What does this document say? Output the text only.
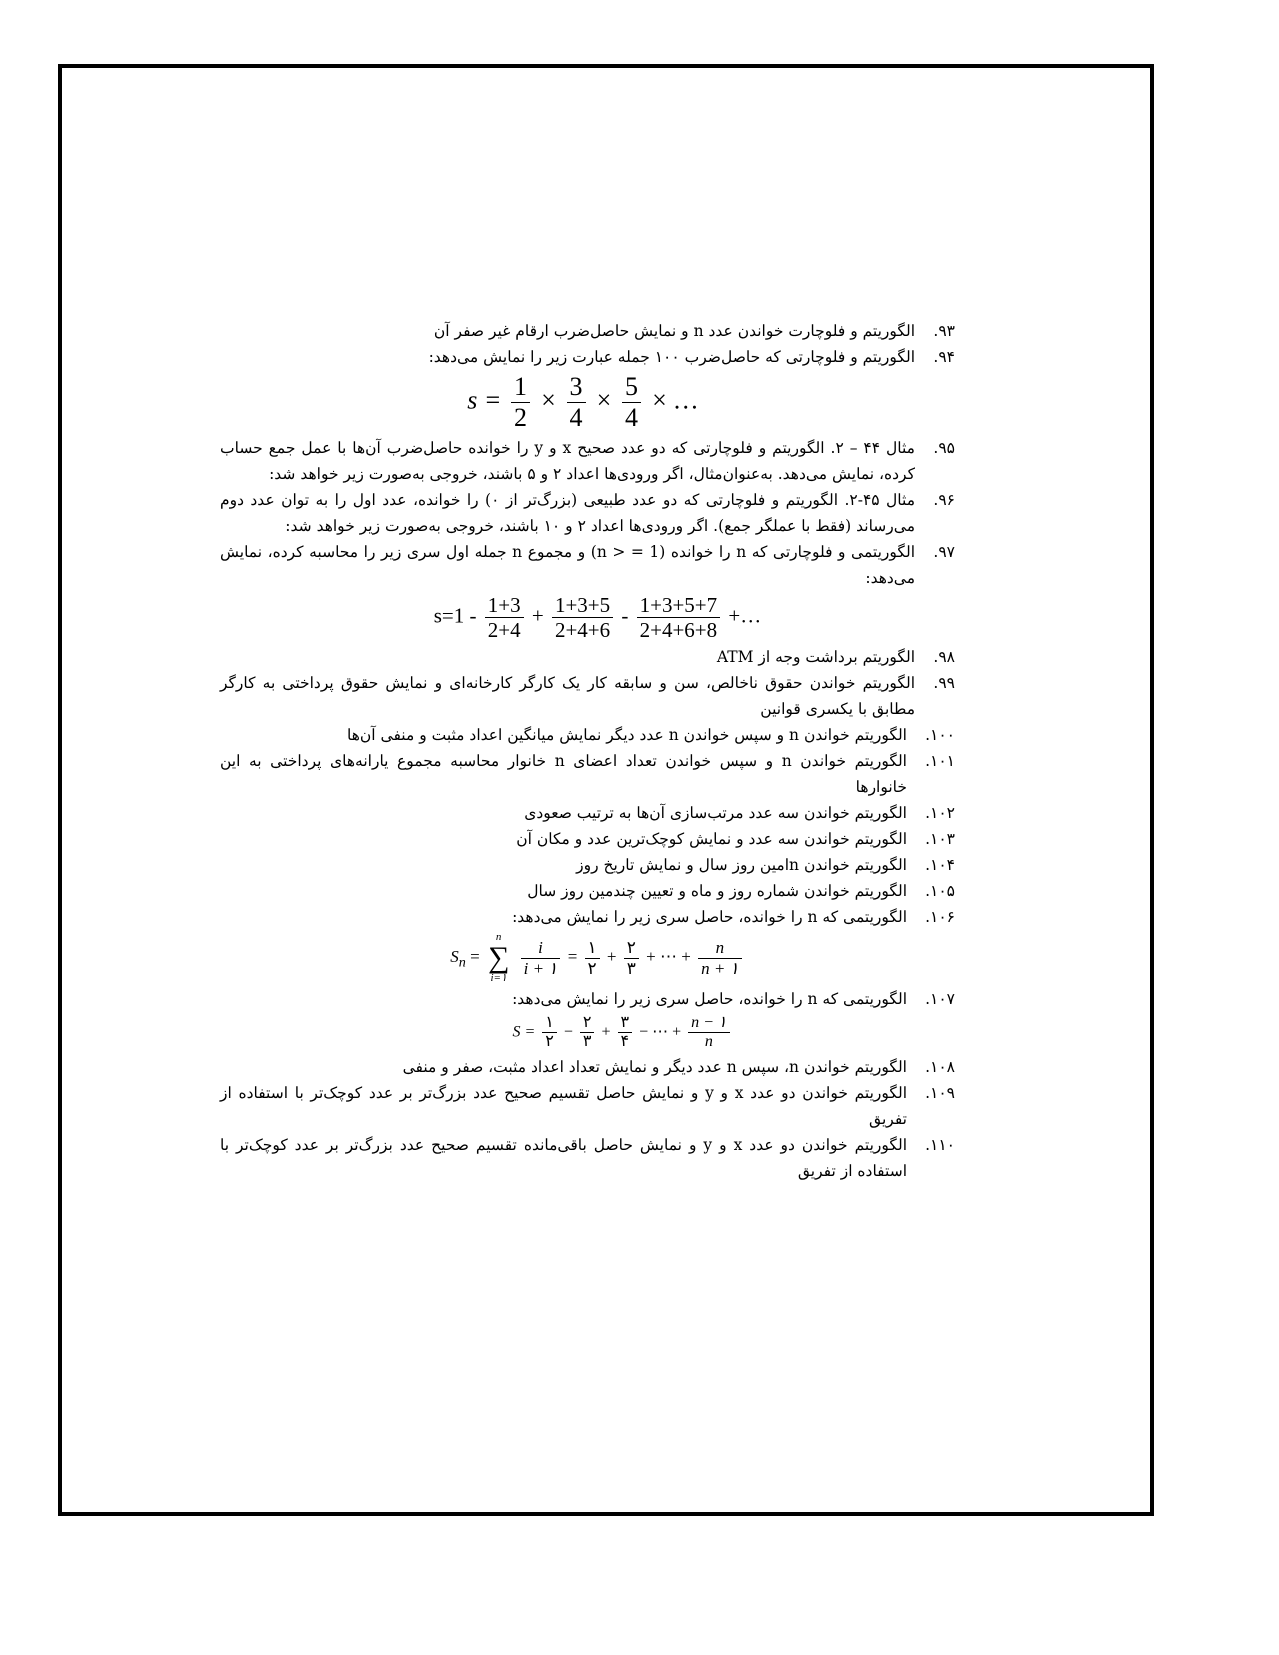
۹۳.
الگوریتم و فلوچارت خواندن عدد n و نمایش حاصل‌ضرب ارقام غیر صفر آن
۹۴.
الگوریتم و فلوچارتی که حاصل‌ضرب ۱۰۰ جمله عبارت زیر را نمایش می‌دهد:
$s = \frac{1}{2} \times \frac{3}{4} \times \frac{5}{4}$ × …
۹۵.
مثال ۴۴ – ۲. الگوریتم و فلوچارتی که دو عدد صحیح x و y را خوانده حاصل‌ضرب آن‌ها با عمل جمع حساب کرده، نمایش می‌دهد. به‌عنوان‌مثال، اگر ورودی‌ها اعداد ۲ و ۵ باشند، خروجی به‌صورت زیر خواهد شد:
۹۶.
مثال ۴۵-۲. الگوریتم و فلوچارتی که دو عدد طبیعی (بزرگ‌تر از ۰) را خوانده، عدد اول را به توان عدد دوم می‌رساند (فقط با عملگر جمع). اگر ورودی‌ها اعداد ۲ و ۱۰ باشند، خروجی به‌صورت زیر خواهد شد:
۹۷.
الگوریتمی و فلوچارتی که n را خوانده (n > = 1) و مجموع n جمله اول سری زیر را محاسبه کرده، نمایش می‌دهد:
$s=1 - \frac{1+3}{2+4} + \frac{1+3+5}{2+4+6} - \frac{1+3+5+7}{2+4+6+8}$ +…
۹۸.
الگوریتم برداشت وجه از ATM
۹۹.
الگوریتم خواندن حقوق ناخالص، سن و سابقه کار یک کارگر کارخانه‌ای و نمایش حقوق پرداختی به کارگر مطابق با یکسری قوانین
۱۰۰.
الگوریتم خواندن n و سپس خواندن n عدد دیگر نمایش میانگین اعداد مثبت و منفی آن‌ها
۱۰۱.
الگوریتم خواندن n و سپس خواندن تعداد اعضای n خانوار محاسبه مجموع یارانه‌های پرداختی به این خانوارها
۱۰۲.
الگوریتم خواندن سه عدد مرتب‌سازی آن‌ها به ترتیب صعودی
۱۰۳.
الگوریتم خواندن سه عدد و نمایش کوچک‌ترین عدد و مکان آن
۱۰۴.
الگوریتم خواندن nامین روز سال و نمایش تاریخ روز
۱۰۵.
الگوریتم خواندن شماره روز و ماه و تعیین چندمین روز سال
۱۰۶.
الگوریتمی که n را خوانده، حاصل سری زیر را نمایش می‌دهد:
$S_n$ =
n
∑
i=۱
$\frac{i}{i + ۱} = \frac{۱}{۲} + \frac{۲}{۳}$ + ⋯ + $\frac{n}{n + ۱}$
۱۰۷.
الگوریتمی که n را خوانده، حاصل سری زیر را نمایش می‌دهد:
$S = \frac{۱}{۲} - \frac{۲}{۳} + \frac{۳}{۴}$ − ⋯ + $\frac{n - ۱}{n}$
۱۰۸.
الگوریتم خواندن n، سپس n عدد دیگر و نمایش تعداد اعداد مثبت، صفر و منفی
۱۰۹.
الگوریتم خواندن دو عدد x و y و نمایش حاصل تقسیم صحیح عدد بزرگ‌تر بر عدد کوچک‌تر با استفاده از تفریق
۱۱۰.
الگوریتم خواندن دو عدد x و y و نمایش حاصل باقی‌مانده تقسیم صحیح عدد بزرگ‌تر بر عدد کوچک‌تر با استفاده از تفریق
